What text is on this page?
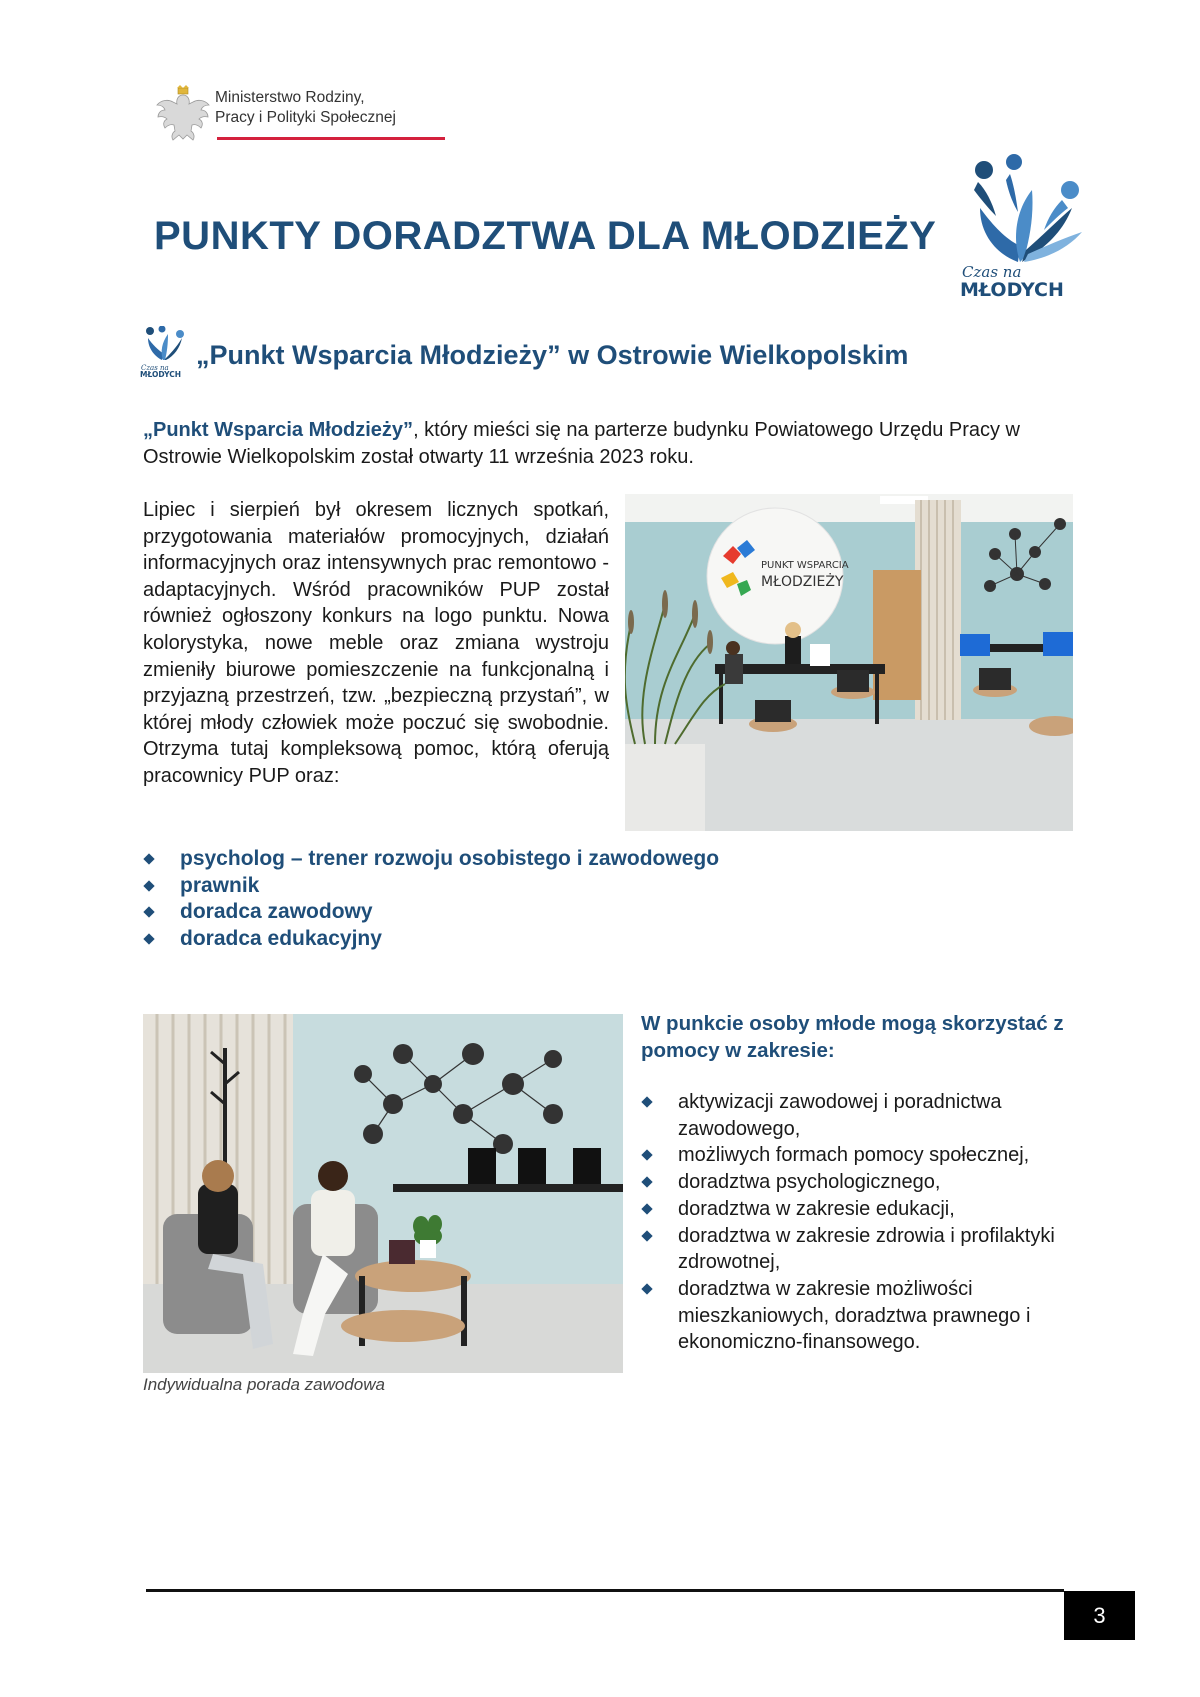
Ministerstwo Rodziny,
Pracy i Polityki Społecznej
PUNKTY DORADZTWA DLA MŁODZIEŻY
Czas na
MŁODYCH
Czas na
MŁODYCH
„Punkt Wsparcia Młodzieży” w Ostrowie Wielkopolskim
„Punkt Wsparcia Młodzieży”, który mieści się na parterze budynku Powiatowego Urzędu Pracy w Ostrowie Wielkopolskim został otwarty 11 września 2023 roku.
Lipiec i sierpień był okresem licznych spotkań, przygotowania materiałów promocyjnych, działań informacyjnych oraz intensywnych prac remontowo - adaptacyjnych. Wśród pracowników PUP został również ogłoszony konkurs na logo punktu. Nowa kolorystyka, nowe meble oraz zmiana wystroju zmieniły biurowe pomieszczenie na funkcjonalną i przyjazną przestrzeń, tzw. „bezpieczną przystań”, w której młody człowiek może poczuć się swobodnie. Otrzyma tutaj kompleksową pomoc, którą oferują pracownicy PUP oraz:
PUNKT WSPARCIA
MŁODZIEŻY
psycholog – trener rozwoju osobistego i zawodowego
prawnik
doradca zawodowy
doradca edukacyjny
Indywidualna porada zawodowa
W punkcie osoby młode mogą skorzystać z pomocy w zakresie:
aktywizacji zawodowej i poradnictwa zawodowego,
możliwych formach pomocy społecznej,
doradztwa psychologicznego,
doradztwa w zakresie edukacji,
doradztwa w zakresie zdrowia i profilaktyki zdrowotnej,
doradztwa w zakresie możliwości mieszkaniowych, doradztwa prawnego i ekonomiczno-finansowego.
3
